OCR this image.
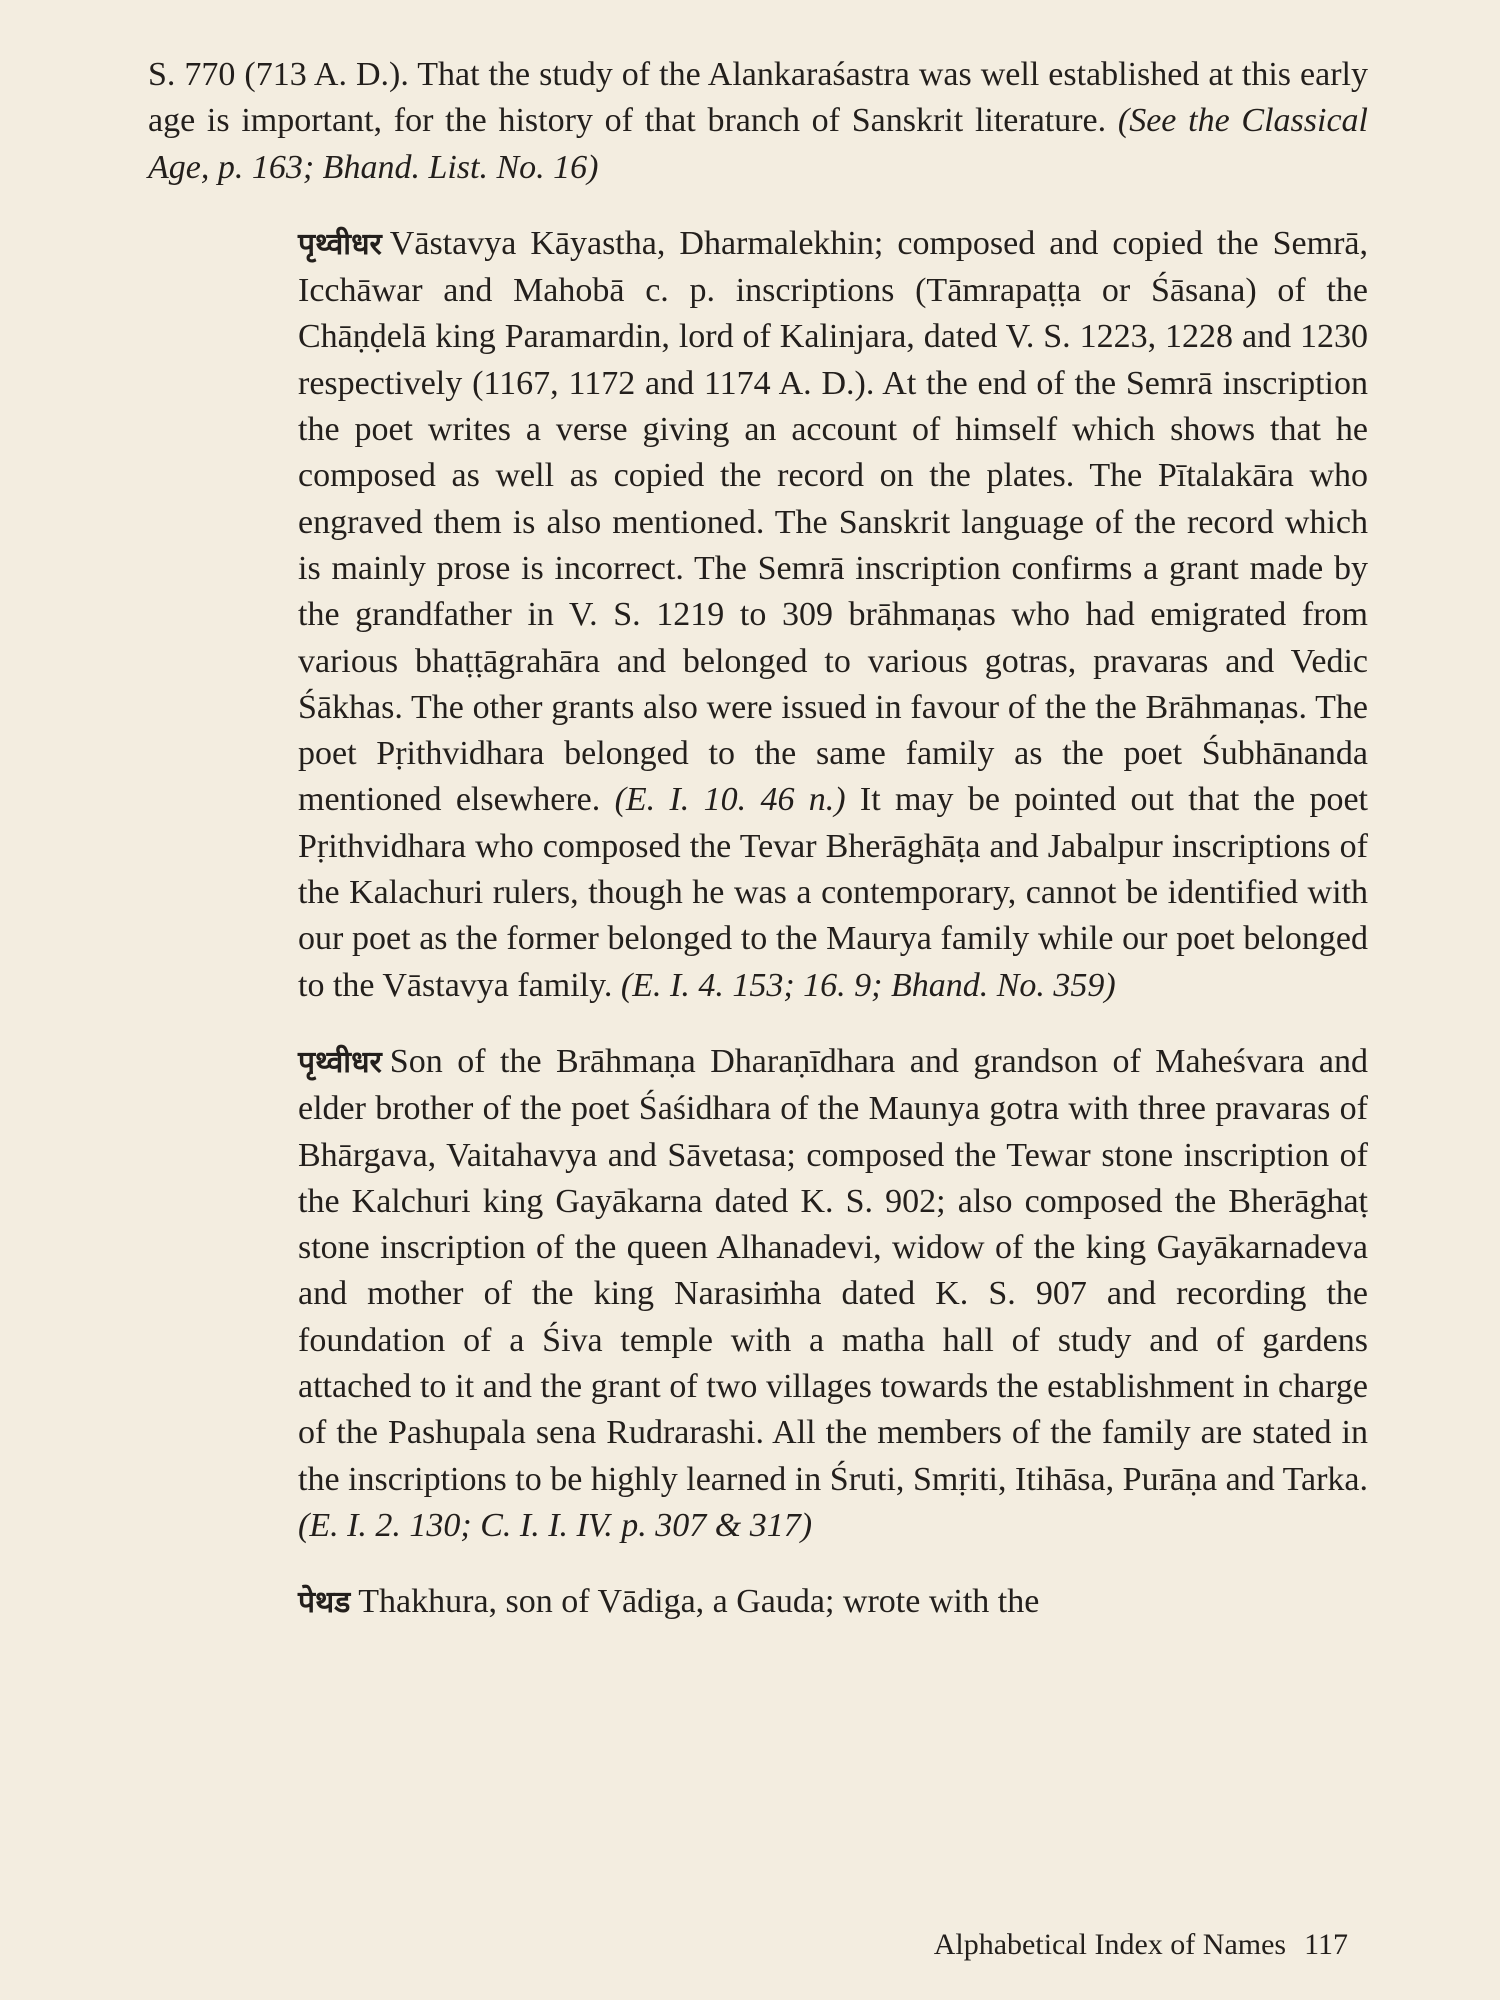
S. 770 (713 A. D.). That the study of the Alankaraśastra was well established at this early age is important, for the history of that branch of Sanskrit literature. (See the Classical Age, p. 163; Bhand. List. No. 16)

पृथ्वीधर Vāstavya Kāyastha, Dharmalekhin; composed and copied the Semrā, Icchāwar and Mahobā c. p. inscriptions (Tāmrapaṭṭa or Śāsana) of the Chāṇḍelā king Paramardin, lord of Kalinjara, dated V. S. 1223, 1228 and 1230 respectively (1167, 1172 and 1174 A. D.). At the end of the Semrā inscription the poet writes a verse giving an account of himself which shows that he composed as well as copied the record on the plates. The Pītalakāra who engraved them is also mentioned. The Sanskrit language of the record which is mainly prose is incorrect. The Semrā inscription confirms a grant made by the grandfather in V. S. 1219 to 309 brāhmaṇas who had emigrated from various bhaṭṭāgrahāra and belonged to various gotras, pravaras and Vedic Śākhas. The other grants also were issued in favour of the the Brāhmaṇas. The poet Pṛithvidhara belonged to the same family as the poet Śubhānanda mentioned elsewhere. (E. I. 10. 46 n.) It may be pointed out that the poet Pṛithvidhara who composed the Tevar Bherāghāṭa and Jabalpur inscriptions of the Kalachuri rulers, though he was a contemporary, cannot be identified with our poet as the former belonged to the Maurya family while our poet belonged to the Vāstavya family. (E. I. 4. 153; 16. 9; Bhand. No. 359)

पृथ्वीधर Son of the Brāhmaṇa Dharaṇīdhara and grandson of Maheśvara and elder brother of the poet Śaśidhara of the Maunya gotra with three pravaras of Bhārgava, Vaitahavya and Sāvetasa; composed the Tewar stone inscription of the Kalchuri king Gayākarna dated K. S. 902; also composed the Bherāghaṭ stone inscription of the queen Alhanadevi, widow of the king Gayākarnadeva and mother of the king Narasiṁha dated K. S. 907 and recording the foundation of a Śiva temple with a matha hall of study and of gardens attached to it and the grant of two villages towards the establishment in charge of the Pashupala sena Rudrarashi. All the members of the family are stated in the inscriptions to be highly learned in Śruti, Smṛiti, Itihāsa, Purāṇa and Tarka. (E. I. 2. 130; C. I. I. IV. p. 307 & 317)

पेथड Thakhura, son of Vādiga, a Gauda; wrote with the

Alphabetical Index of Names 117
